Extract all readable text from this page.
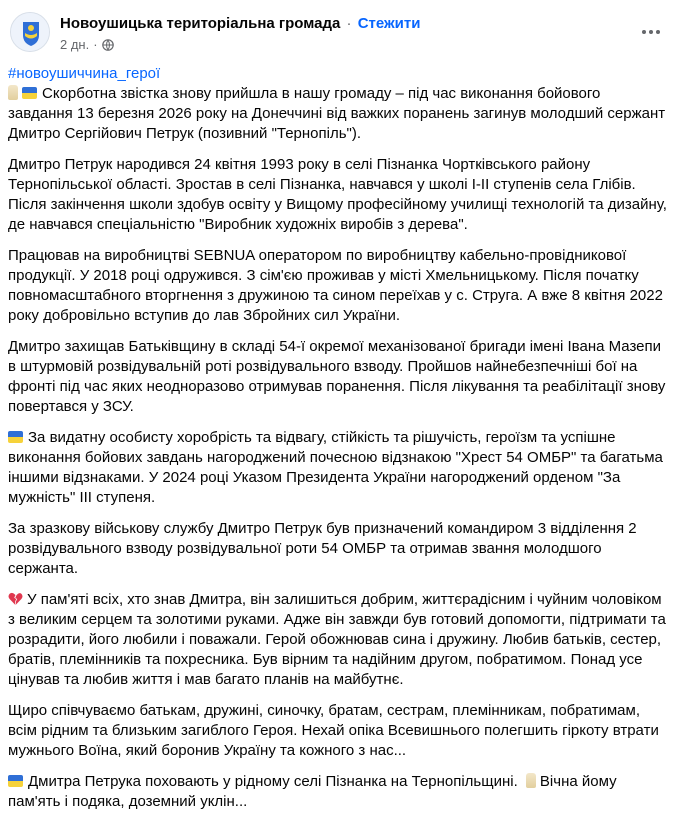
Новоушицька територіальна громада · Стежити
2 дн. ·
#новоушиччина_герої

Скорботна звістка знову прийшла в нашу громаду – під час виконання бойового завдання 13 березня 2026 року на Донеччині від важких поранень загинув молодший сержант Дмитро Сергійович Петрук (позивний "Тернопіль").

Дмитро Петрук народився 24 квітня 1993 року в селі Пізнанка Чортківського району Тернопільської області. Зростав в селі Пізнанка, навчався у школі І-ІІ ступенів села Глібів. Після закінчення школи здобув освіту у Вищому професійному училищі технологій та дизайну, де навчався спеціальністю "Виробник художніх виробів з дерева".

Працював на виробництві SEBNUA оператором по виробництву кабельно-провідникової продукції. У 2018 році одружився. З сім'єю проживав у місті Хмельницькому. Після початку повномасштабного вторгнення з дружиною та сином переїхав у с. Струга. А вже 8 квітня 2022 року добровільно вступив до лав Збройних сил України.

Дмитро захищав Батьківщину в складі 54-ї окремої механізованої бригади імені Івана Мазепи в штурмовій розвідувальній роті розвідувального взводу. Пройшов найнебезпечніші бої на фронті під час яких неодноразово отримував поранення. Після лікування та реабілітації знову повертався у ЗСУ.

За видатну особисту хоробрість та відвагу, стійкість та рішучість, героїзм та успішне виконання бойових завдань нагороджений почесною відзнакою "Хрест 54 ОМБР" та багатьма іншими відзнаками. У 2024 році Указом Президента України нагороджений орденом "За мужність" ІІІ ступеня.

За зразкову військову службу Дмитро Петрук був призначений командиром 3 відділення 2 розвідувального взводу розвідувальної роти 54 ОМБР та отримав звання молодшого сержанта.

У пам'яті всіх, хто знав Дмитра, він залишиться добрим, життєрадісним і чуйним чоловіком з великим серцем та золотими руками. Адже він завжди був готовий допомогти, підтримати та розрадити, його любили і поважали. Герой обожнював сина і дружину. Любив батьків, сестер, братів, племінників та похресника. Був вірним та надійним другом, побратимом. Понад усе цінував та любив життя і мав багато планів на майбутнє.

Щиро співчуваємо батькам, дружині, синочку, братам, сестрам, племінникам, побратимам, всім рідним та близьким загиблого Героя. Нехай опіка Всевишнього полегшить гіркоту втрати мужнього Воїна, який боронив Україну та кожного з нас...

Дмитра Петрука поховають у рідному селі Пізнанка на Тернопільщині. Вічна йому пам'ять і подяка, доземний уклін...
